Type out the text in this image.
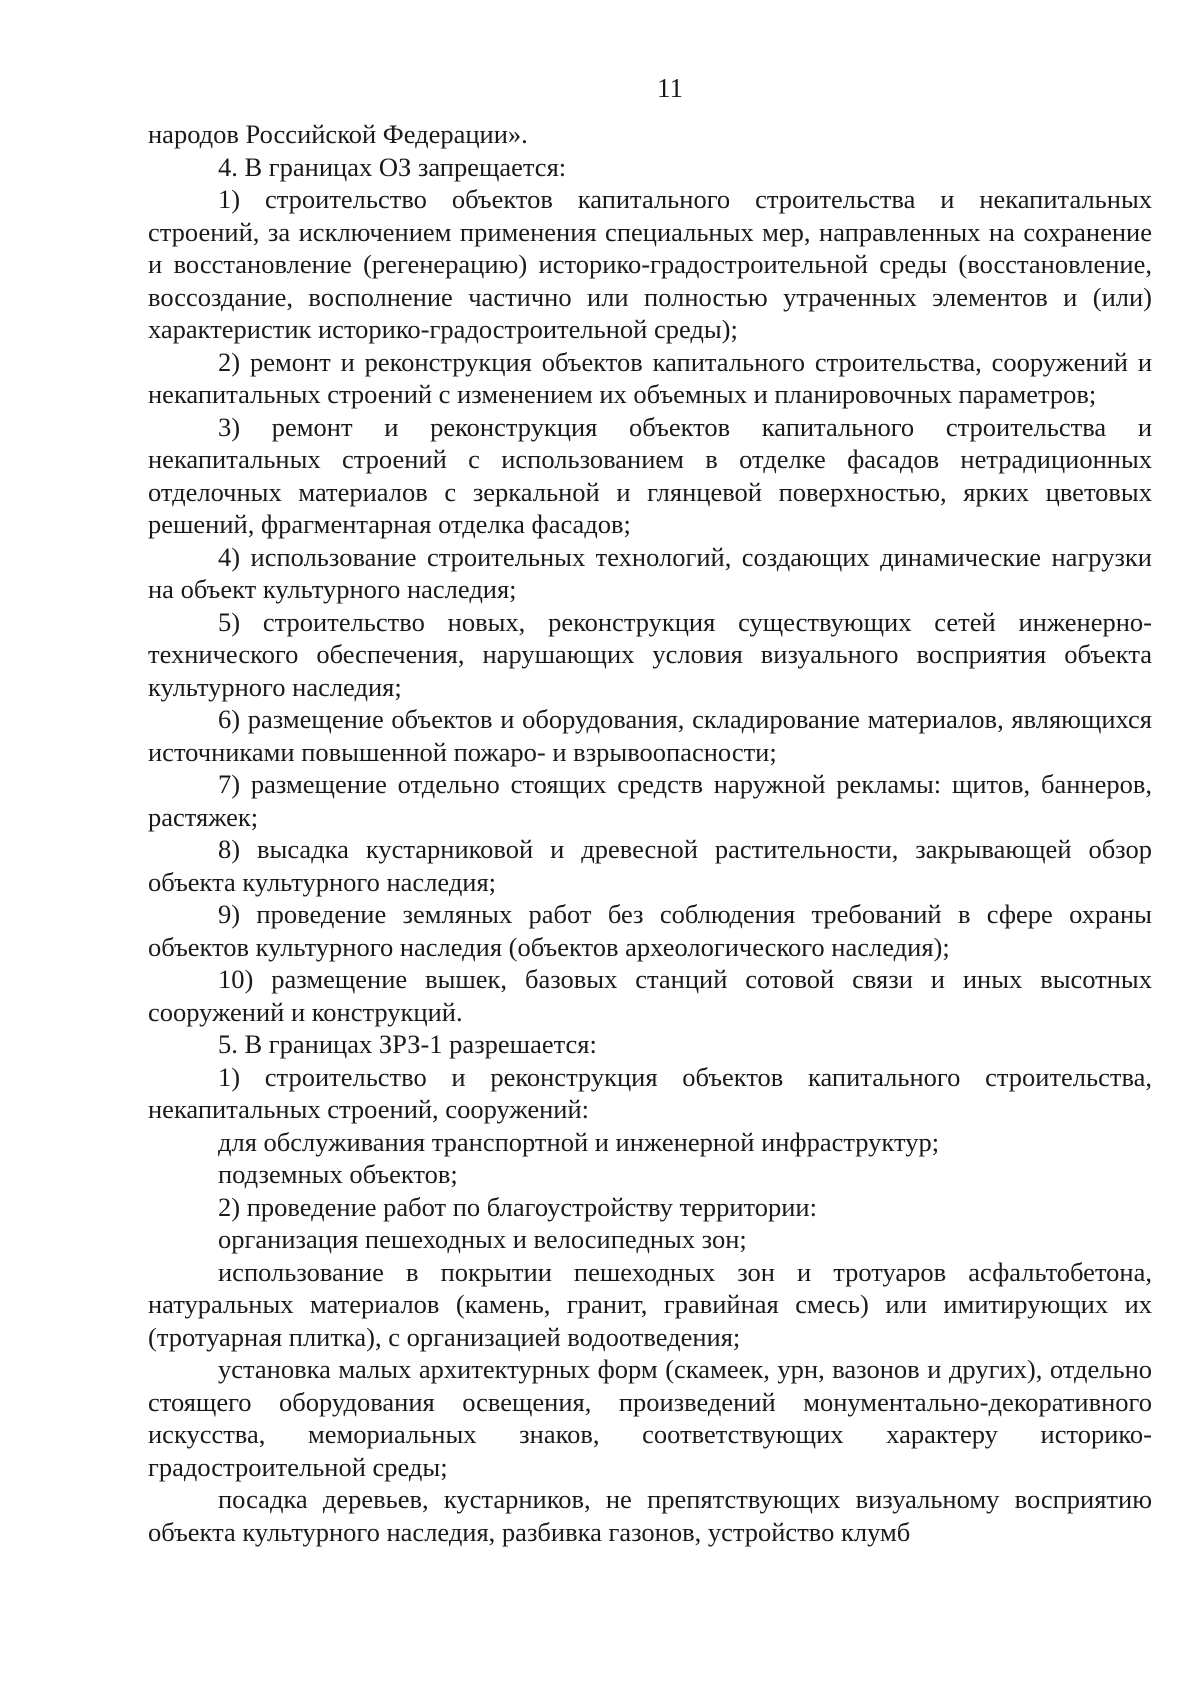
11

народов Российской Федерации».

4. В границах ОЗ запрещается:

1) строительство объектов капитального строительства и некапитальных строений, за исключением применения специальных мер, направленных на сохранение и восстановление (регенерацию) историко-градостроительной среды (восстановление, воссоздание, восполнение частично или полностью утраченных элементов и (или) характеристик историко-градостроительной среды);

2) ремонт и реконструкция объектов капитального строительства, сооружений и некапитальных строений с изменением их объемных и планировочных параметров;

3) ремонт и реконструкция объектов капитального строительства и некапитальных строений с использованием в отделке фасадов нетрадиционных отделочных материалов с зеркальной и глянцевой поверхностью, ярких цветовых решений, фрагментарная отделка фасадов;

4) использование строительных технологий, создающих динамические нагрузки на объект культурного наследия;

5) строительство новых, реконструкция существующих сетей инженерно-технического обеспечения, нарушающих условия визуального восприятия объекта культурного наследия;

6) размещение объектов и оборудования, складирование материалов, являющихся источниками повышенной пожаро- и взрывоопасности;

7) размещение отдельно стоящих средств наружной рекламы: щитов, баннеров, растяжек;

8) высадка кустарниковой и древесной растительности, закрывающей обзор объекта культурного наследия;

9) проведение земляных работ без соблюдения требований в сфере охраны объектов культурного наследия (объектов археологического наследия);

10) размещение вышек, базовых станций сотовой связи и иных высотных сооружений и конструкций.

5. В границах ЗРЗ-1 разрешается:

1) строительство и реконструкция объектов капитального строительства, некапитальных строений, сооружений:

для обслуживания транспортной и инженерной инфраструктур;

подземных объектов;

2) проведение работ по благоустройству территории:

организация пешеходных и велосипедных зон;

использование в покрытии пешеходных зон и тротуаров асфальтобетона, натуральных материалов (камень, гранит, гравийная смесь) или имитирующих их (тротуарная плитка), с организацией водоотведения;

установка малых архитектурных форм (скамеек, урн, вазонов и других), отдельно стоящего оборудования освещения, произведений монументально-декоративного искусства, мемориальных знаков, соответствующих характеру историко-градостроительной среды;

посадка деревьев, кустарников, не препятствующих визуальному восприятию объекта культурного наследия, разбивка газонов, устройство клумб
